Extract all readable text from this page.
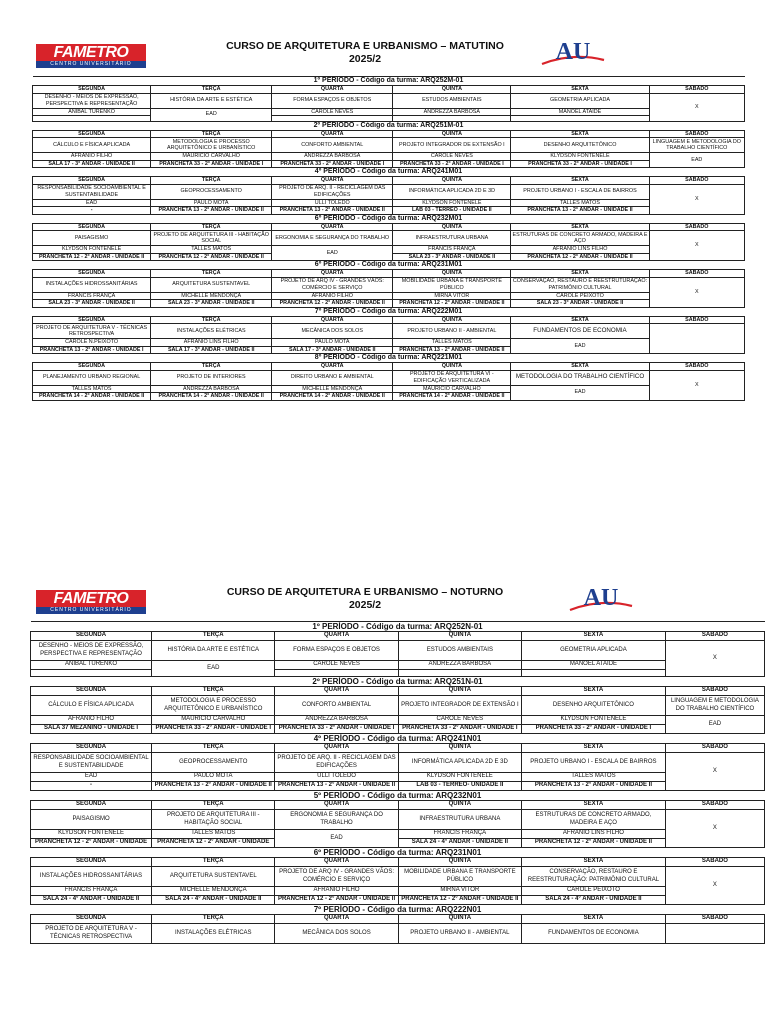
FAMETRO
CENTRO UNIVERSITÁRIO
CURSO DE ARQUITETURA E URBANISMO – MATUTINO
2025/2	AU
1º PERÍODO - Código da turma: ARQ252M-01					
SEGUNDA	TERÇA	QUARTA	QUINTA	SEXTA	SÁBADO
DESENHO - MEIOS DE EXPRESSÃO, PERSPECTIVA E REPRESENTAÇÃO	HISTÓRIA DA ARTE E ESTÉTICA	FORMA ESPAÇOS E OBJETOS	ESTUDOS AMBIENTAIS	GEOMETRIA APLICADA	X
ANÍBAL TURENKO	EAD	CAROLE NEVES	ANDREZZA BARBOSA	MANOEL ATAÍDE	

2º PERÍODO - Código da turma: ARQ251M-01					
SEGUNDA	TERÇA	QUARTA	QUINTA	SEXTA	SÁBADO
CÁLCULO E FÍSICA APLICADA	METODOLOGIA E PROCESSO ARQUITETÔNICO E URBANÍSTICO	CONFORTO AMBIENTAL	PROJETO INTEGRADOR DE EXTENSÃO I	DESENHO ARQUITETÔNICO	LINGUAGEM E METODOLOGIA DO TRABALHO CIENTÍFICO
AFRANIO FILHO	MAURÍCIO CARVALHO	ANDREZZA BARBOSA	CAROLE NEVES	KLYDSON FONTENELE	EAD
SALA 17 - 3° ANDAR - UNIDADE II	PRANCHETA 33 - 2° ANDAR - UNIDADE I	PRANCHETA 33 - 2° ANDAR - UNIDADE I	PRANCHETA 33 - 2° ANDAR - UNIDADE I	PRANCHETA 33 - 2° ANDAR - UNIDADE I	
4º PERÍODO - Código da turma: ARQ241M01					
SEGUNDA	TERÇA	QUARTA	QUINTA	SEXTA	SÁBADO
RESPONSABILIDADE SOCIOAMBIENTAL E SUSTENTABILIDADE	GEOPROCESSAMENTO	PROJETO DE ARQ. II - RECICLAGEM DAS EDIFICAÇÕES	INFORMÁTICA APLICADA 2D E 3D	PROJETO URBANO I - ESCALA DE BAIRROS	X
EAD	PAULO MOTA	ULLI TOLEDO	KLYDSON FONTENELE	TALLES MATOS	
-	PRANCHETA 13 - 2° ANDAR - UNIDADE II	PRANCHETA 13 - 2° ANDAR - UNIDADE II	LAB 03 - TÉRREO - UNIDADE II	PRANCHETA 13 - 2° ANDAR - UNIDADE II	
6º PERÍODO - Código da turma: ARQ232M01					
SEGUNDA	TERÇA	QUARTA	QUINTA	SEXTA	SÁBADO
PAISAGISMO	PROJETO DE ARQUITETURA III - HABITAÇÃO SOCIAL	ERGONOMIA E SEGURANÇA DO TRABALHO	INFRAESTRUTURA URBANA	ESTRUTURAS DE CONCRETO ARMADO, MADEIRA E AÇO	X
KLYDSON FONTENELE	TALLES MATOS	EAD	FRANCIS FRANÇA	AFRANIO LINS FILHO	
PRANCHETA 12 - 2° ANDAR - UNIDADE II	PRANCHETA 12 - 2° ANDAR - UNIDADE II		SALA 23 - 3° ANDAR - UNIDADE II	PRANCHETA 12 - 2° ANDAR - UNIDADE II	
6º PERÍODO - Código da turma: ARQ231M01					
SEGUNDA	TERÇA	QUARTA	QUINTA	SEXTA	SÁBADO
INSTALAÇÕES HIDROSSANITÁRIAS	ARQUITETURA SUSTENTAVEL	PROJETO DE ARQ IV - GRANDES VÃOS: COMÉRCIO E SERVIÇO	MOBILIDADE URBANA E TRANSPORTE PÚBLICO	CONSERVAÇÃO, RESTAURO E REESTRUTURAÇÃO: PATRIMÔNIO CULTURAL	X
FRANCIS FRANÇA	MICHELLE MENDONÇA	AFRANIO FILHO	MIRNA VITOR	CAROLE PEIXOTO	
SALA 23 - 3° ANDAR - UNIDADE II	SALA 23 - 3° ANDAR - UNIDADE II	PRANCHETA 12 - 2° ANDAR - UNIDADE II	PRANCHETA 12 - 2° ANDAR - UNIDADE II	SALA 23 - 3° ANDAR - UNIDADE II	
7º PERÍODO - Código da turma: ARQ222M01					
SEGUNDA	TERÇA	QUARTA	QUINTA	SEXTA	SÁBADO
PROJETO DE ARQUITETURA V - TÉCNICAS RETROSPECTIVA	INSTALAÇÕES ELÉTRICAS	MECÂNICA DOS SOLOS	PROJETO URBANO II - AMBIENTAL	FUNDAMENTOS DE ECONOMIA	
CAROLE N.PEIXOTO	AFRANIO LINS FILHO	PAULO MOTA	TALLES MATOS	EAD	
PRANCHETA 13 - 2° ANDAR - UNIDADE I	SALA 17 - 3° ANDAR - UNIDADE II	SALA 17 - 3° ANDAR - UNIDADE II	PRANCHETA 13 - 2° ANDAR - UNIDADE II		
8º PERÍODO - Código da turma: ARQ221M01					
SEGUNDA	TERÇA	QUARTA	QUINTA	SEXTA	SÁBADO
PLANEJAMENTO URBANO REGIONAL	PROJETO DE INTERIORES	DIREITO URBANO E AMBIENTAL	PROJETO DE ARQUITETURA VI - EDIFICAÇÃO VERTICALIZADA	METODOLOGIA DO TRABALHO CIENTÍFICO	X
TALLES MATOS	ANDREZZA BARBOSA	MICHELLE MENDONÇA	MAURÍCIO CARVALHO	EAD	
PRANCHETA 14 - 2° ANDAR - UNIDADE II	PRANCHETA 14 - 2° ANDAR - UNIDADE II	PRANCHETA 14 - 2° ANDAR - UNIDADE II	PRANCHETA 14 - 2° ANDAR - UNIDADE II		
FAMETRO
CENTRO UNIVERSITÁRIO
CURSO DE ARQUITETURA E URBANISMO – NOTURNO
2025/2	AU
1º PERÍODO - Código da turma: ARQ252N-01					
SEGUNDA	TERÇA	QUARTA	QUINTA	SEXTA	SÁBADO
DESENHO - MEIOS DE EXPRESSÃO, PERSPECTIVA E REPRESENTAÇÃO	HISTÓRIA DA ARTE E ESTÉTICA	FORMA ESPAÇOS E OBJETOS	ESTUDOS AMBIENTAIS	GEOMETRIA APLICADA	X
ANÍBAL TURENKO	EAD	CAROLE NEVES	ANDREZZA BARBOSA	MANOEL ATAÍDE	

2º PERÍODO - Código da turma: ARQ251N-01					
SEGUNDA	TERÇA	QUARTA	QUINTA	SEXTA	SÁBADO
CÁLCULO E FÍSICA APLICADA	METODOLOGIA E PROCESSO ARQUITETÔNICO E URBANÍSTICO	CONFORTO AMBIENTAL	PROJETO INTEGRADOR DE EXTENSÃO I	DESENHO ARQUITETÔNICO	LINGUAGEM E METODOLOGIA DO TRABALHO CIENTÍFICO
AFRANIO FILHO	MAURÍCIO CARVALHO	ANDREZZA BARBOSA	CAROLE NEVES	KLYDSON FONTENELE	EAD
SALA 37 MEZANINO - UNIDADE I	PRANCHETA 33 - 2° ANDAR - UNIDADE I	PRANCHETA 33 - 2° ANDAR - UNIDADE I	PRANCHETA 33 - 2° ANDAR - UNIDADE I	PRANCHETA 33 - 2° ANDAR - UNIDADE I	
4º PERÍODO - Código da turma: ARQ241N01					
SEGUNDA	TERÇA	QUARTA	QUINTA	SEXTA	SÁBADO
RESPONSABILIDADE SOCIOAMBIENTAL E SUSTENTABILIDADE	GEOPROCESSAMENTO	PROJETO DE ARQ. II - RECICLAGEM DAS EDIFICAÇÕES	INFORMÁTICA APLICADA 2D E 3D	PROJETO URBANO I - ESCALA DE BAIRROS	X
EAD	PAULO MOTA	ULLI TOLEDO	KLYDSON FONTENELE	TALLES MATOS	
-	PRANCHETA 13 - 2° ANDAR - UNIDADE II	PRANCHETA 13 - 2° ANDAR - UNIDADE II	LAB 03 - TÉRREO- UNIDADE II	PRANCHETA 13 - 2° ANDAR - UNIDADE II	
5º PERÍODO - Código da turma: ARQ232N01					
SEGUNDA	TERÇA	QUARTA	QUINTA	SEXTA	SÁBADO
PAISAGISMO	PROJETO DE ARQUITETURA III - HABITAÇÃO SOCIAL	ERGONOMIA E SEGURANÇA DO TRABALHO	INFRAESTRUTURA URBANA	ESTRUTURAS DE CONCRETO ARMADO, MADEIRA E AÇO	X
KLYDSON FONTENELE	TALLES MATOS	EAD	FRANCIS FRANÇA	AFRANIO LINS FILHO	
PRANCHETA 12 - 2° ANDAR - UNIDADE	PRANCHETA 12 - 2° ANDAR - UNIDADE		SALA 24 - 4° ANDAR - UNIDADE II	PRANCHETA 12 - 2° ANDAR - UNIDADE II	
6º PERÍODO - Código da turma: ARQ231N01					
SEGUNDA	TERÇA	QUARTA	QUINTA	SEXTA	SÁBADO
INSTALAÇÕES HIDROSSANITÁRIAS	ARQUITETURA SUSTENTAVEL	PROJETO DE ARQ IV - GRANDES VÃOS: COMÉRCIO E SERVIÇO	MOBILIDADE URBANA E TRANSPORTE PÚBLICO	CONSERVAÇÃO, RESTAURO E REESTRUTURAÇÃO: PATRIMÔNIO CULTURAL	X
FRANCIS FRANÇA	MICHELLE MENDONÇA	AFRANIO FILHO	MIRNA VITOR	CAROLE PEIXOTO	
SALA 24 - 4° ANDAR - UNIDADE II	SALA 24 - 4° ANDAR - UNIDADE II	PRANCHETA 12 - 2° ANDAR - UNIDADE II	PRANCHETA 12 - 2° ANDAR - UNIDADE II	SALA 24 - 4° ANDAR - UNIDADE II	
7º PERÍODO - Código da turma: ARQ222N01					
SEGUNDA	TERÇA	QUARTA	QUINTA	SEXTA	SÁBADO
PROJETO DE ARQUITETURA V - TÉCNICAS RETROSPECTIVA	INSTALAÇÕES ELÉTRICAS	MECÂNICA DOS SOLOS	PROJETO URBANO II - AMBIENTAL	FUNDAMENTOS DE ECONOMIA	
